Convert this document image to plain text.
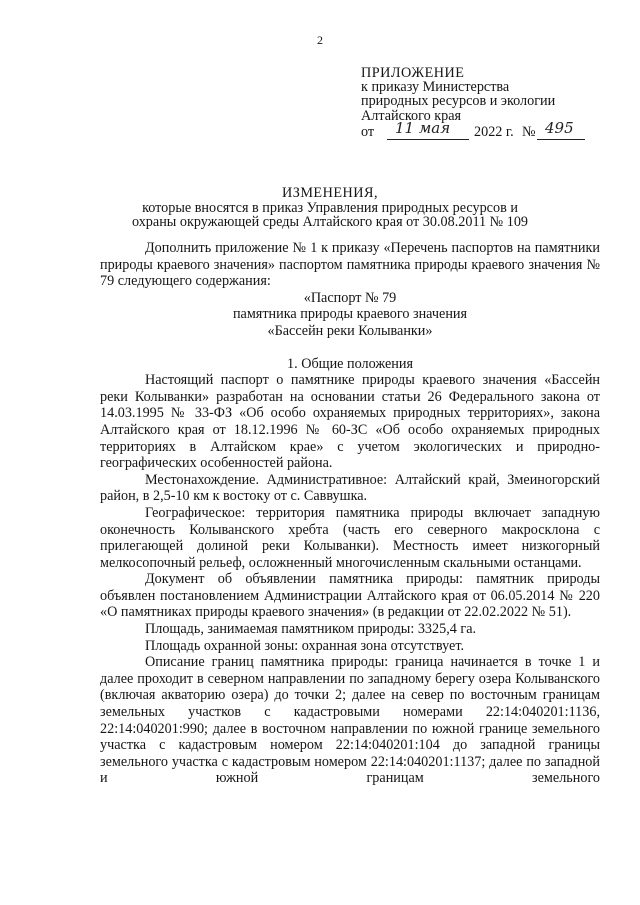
2
ПРИЛОЖЕНИЕ
к приказу Министерства
природных ресурсов и экологии
Алтайского края
от 11 мая 2022 г. № 495
ИЗМЕНЕНИЯ,
которые вносятся в приказ Управления природных ресурсов и
охраны окружающей среды Алтайского края от 30.08.2011 № 109

Дополнить приложение № 1 к приказу «Перечень паспортов на памятники природы краевого значения» паспортом памятника природы краевого значения № 79 следующего содержания:

«Паспорт № 79

памятника природы краевого значения

«Бассейн реки Колыванки»

1. Общие положения

Настоящий паспорт о памятнике природы краевого значения «Бассейн реки Колыванки» разработан на основании статьи 26 Федерального закона от 14.03.1995 № 33-ФЗ «Об особо охраняемых природных территориях», закона Алтайского края от 18.12.1996 № 60-ЗС «Об особо охраняемых природных территориях в Алтайском крае» с учетом экологических и природно-географических особенностей района.

Местонахождение. Административное: Алтайский край, Змеиногорский район, в 2,5-10 км к востоку от с. Саввушка.

Географическое: территория памятника природы включает западную оконечность Колыванского хребта (часть его северного макросклона с прилегающей долиной реки Колыванки). Местность имеет низкогорный мелкосопочный рельеф, осложненный многочисленным скальными останцами.

Документ об объявлении памятника природы: памятник природы объявлен постановлением Администрации Алтайского края от 06.05.2014 № 220 «О памятниках природы краевого значения» (в редакции от 22.02.2022 № 51).

Площадь, занимаемая памятником природы: 3325,4 га.

Площадь охранной зоны: охранная зона отсутствует.

Описание границ памятника природы: граница начинается в точке 1 и далее проходит в северном направлении по западному берегу озера Колыванского (включая акваторию озера) до точки 2; далее на север по восточным границам земельных участков с кадастровыми номерами 22:14:040201:1136, 22:14:040201:990; далее в восточном направлении по южной границе земельного участка с кадастровым номером 22:14:040201:104 до западной границы земельного участка с кадастровым номером 22:14:040201:1137; далее по западной и южной границам земельного
